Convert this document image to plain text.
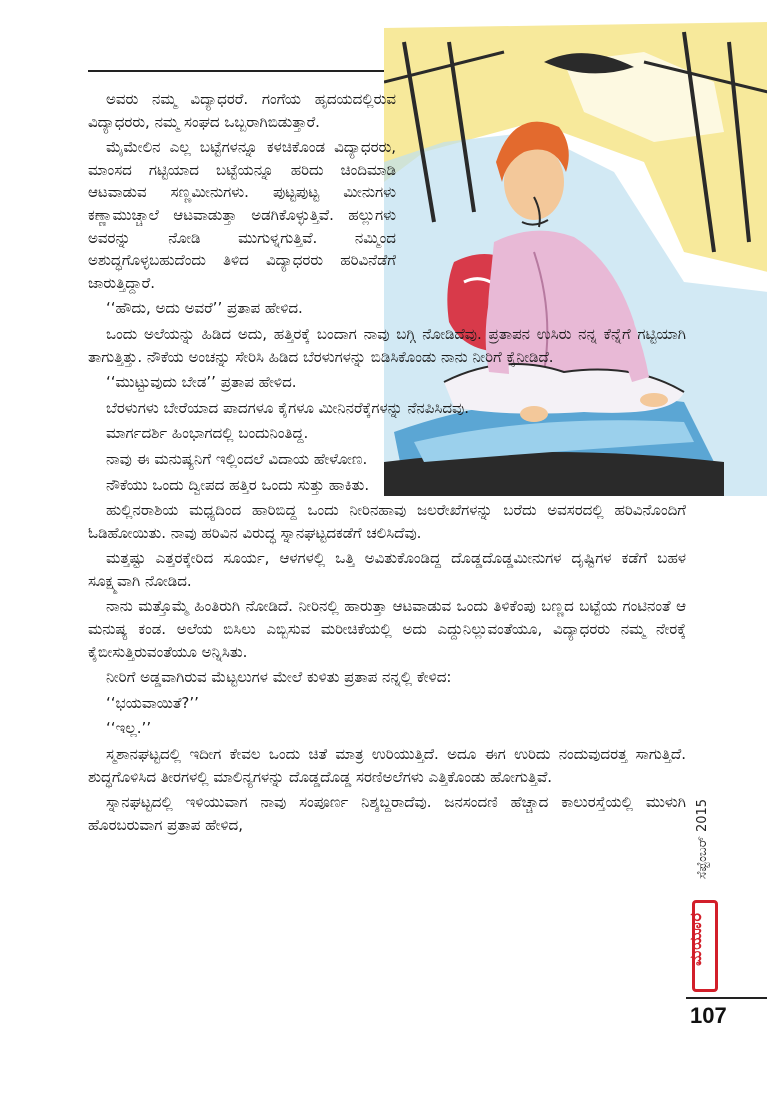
ಅವರು ನಮ್ಮ ವಿದ್ಯಾಧರರೆ. ಗಂಗೆಯ ಹೃದಯದಲ್ಲಿರುವ ವಿದ್ಯಾಧರರು, ನಮ್ಮ ಸಂಘದ ಒಬ್ಬರಾಗಿಬಿಡುತ್ತಾರೆ.

ಮೈಮೇಲಿನ ಎಲ್ಲ ಬಟ್ಟೆಗಳನ್ನೂ ಕಳಚಿಕೊಂಡ ವಿದ್ಯಾಧರರು, ಮಾಂಸದ ಗಟ್ಟಿಯಾದ ಬಟ್ಟೆಯನ್ನೂ ಹರಿದು ಚಿಂದಿಮಾಡಿ ಆಟವಾಡುವ ಸಣ್ಣಮೀನುಗಳು. ಪುಟ್ಟಪುಟ್ಟ ಮೀನುಗಳು ಕಣ್ಣಾಮುಚ್ಚಾಲೆ ಆಟವಾಡುತ್ತಾ ಅಡಗಿಕೊಳ್ಳುತ್ತಿವೆ. ಹಲ್ಲುಗಳು ಅವರನ್ನು ನೋಡಿ ಮುಗುಳ್ನಗುತ್ತಿವೆ. ನಮ್ಮಿಂದ ಅಶುದ್ಧಗೊಳ್ಳಬಹುದೆಂದು ತಿಳಿದ ವಿದ್ಯಾಧರರು ಹರಿವಿನೆಡೆಗೆ ಜಾರುತ್ತಿದ್ದಾರೆ.

‘‘ಹೌದು, ಅದು ಅವರೆ’’ ಪ್ರತಾಪ ಹೇಳಿದ.

ಒಂದು ಅಲೆಯನ್ನು ಹಿಡಿದ ಅದು, ಹತ್ತಿರಕ್ಕೆ ಬಂದಾಗ ನಾವು ಬಗ್ಗಿ ನೋಡಿದೆವು. ಪ್ರತಾಪನ ಉಸಿರು ನನ್ನ ಕೆನ್ನೆಗೆ ಗಟ್ಟಿಯಾಗಿ ತಾಗುತ್ತಿತ್ತು. ನೌಕೆಯ ಅಂಚನ್ನು ಸೇರಿಸಿ ಹಿಡಿದ ಬೆರಳುಗಳನ್ನು ಬಿಡಿಸಿಕೊಂಡು ನಾನು ನೀರಿಗೆ ಕೈನೀಡಿದೆ.

‘‘ಮುಟ್ಟುವುದು ಬೇಡ’’ ಪ್ರತಾಪ ಹೇಳಿದ.

ಬೆರಳುಗಳು ಬೇರೆಯಾದ ಪಾದಗಳೂ ಕೈಗಳೂ ಮೀನಿನರೆಕ್ಕೆಗಳನ್ನು ನೆನಪಿಸಿದವು.

ಮಾರ್ಗದರ್ಶಿ ಹಿಂಭಾಗದಲ್ಲಿ ಬಂದುನಿಂತಿದ್ದ.

ನಾವು ಈ ಮನುಷ್ಯನಿಗೆ ಇಲ್ಲಿಂದಲೆ ವಿದಾಯ ಹೇಳೋಣ.

ನೌಕೆಯು ಒಂದು ದ್ವೀಪದ ಹತ್ತಿರ ಒಂದು ಸುತ್ತು ಹಾಕಿತು.

ಹುಲ್ಲಿನರಾಶಿಯ ಮಧ್ಯದಿಂದ ಹಾರಿಬಿದ್ದ ಒಂದು ನೀರಿನಹಾವು ಜಲರೇಖೆಗಳನ್ನು ಬರೆದು ಅವಸರದಲ್ಲಿ ಹರಿವಿನೊಂದಿಗೆ ಓಡಿಹೋಯಿತು. ನಾವು ಹರಿವಿನ ವಿರುದ್ಧ ಸ್ನಾನಘಟ್ಟದಕಡೆಗೆ ಚಲಿಸಿದೆವು.

ಮತ್ತಷ್ಟು ಎತ್ತರಕ್ಕೇರಿದ ಸೂರ್ಯ, ಆಳಗಳಲ್ಲಿ ಒತ್ತಿ ಅವಿತುಕೊಂಡಿದ್ದ ದೊಡ್ಡದೊಡ್ಡಮೀನುಗಳ ದೃಷ್ಟಿಗಳ ಕಡೆಗೆ ಬಹಳ ಸೂಕ್ಷ್ಮವಾಗಿ ನೋಡಿದ.

ನಾನು ಮತ್ತೊಮ್ಮೆ ಹಿಂತಿರುಗಿ ನೋಡಿದೆ. ನೀರಿನಲ್ಲಿ ಹಾರುತ್ತಾ ಆಟವಾಡುವ ಒಂದು ತಿಳಿಕೆಂಪು ಬಣ್ಣದ ಬಟ್ಟೆಯ ಗಂಟಿನಂತೆ ಆ ಮನುಷ್ಯ ಕಂಡ. ಅಲೆಯ ಬಿಸಿಲು ಎಬ್ಬಿಸುವ ಮರೀಚಿಕೆಯಲ್ಲಿ ಅದು ಎದ್ದುನಿಲ್ಲುವಂತೆಯೂ, ವಿದ್ಯಾಧರರು ನಮ್ಮ ನೇರಕ್ಕೆ ಕೈಬೀಸುತ್ತಿರುವಂತೆಯೂ ಅನ್ನಿಸಿತು.

ನೀರಿಗೆ ಅಡ್ಡವಾಗಿರುವ ಮೆಟ್ಟಲುಗಳ ಮೇಲೆ ಕುಳಿತು ಪ್ರತಾಪ ನನ್ನಲ್ಲಿ ಕೇಳಿದ:

‘‘ಭಯವಾಯಿತೆ?’’

‘‘ಇಲ್ಲ.’’

ಸ್ಮಶಾನಘಟ್ಟದಲ್ಲಿ ಇದೀಗ ಕೇವಲ ಒಂದು ಚಿತೆ ಮಾತ್ರ ಉರಿಯುತ್ತಿದೆ. ಅದೂ ಈಗ ಉರಿದು ನಂದುವುದರತ್ತ ಸಾಗುತ್ತಿದೆ. ಶುದ್ಧಗೊಳಿಸಿದ ತೀರಗಳಲ್ಲಿ ಮಾಲಿನ್ಯಗಳನ್ನು ದೊಡ್ಡದೊಡ್ಡ ಸರಣಿಅಲೆಗಳು ಎತ್ತಿಕೊಂಡು ಹೋಗುತ್ತಿವೆ.

ಸ್ನಾನಘಟ್ಟದಲ್ಲಿ ಇಳಿಯುವಾಗ ನಾವು ಸಂಪೂರ್ಣ ನಿಶ್ಶಬ್ದರಾದೆವು. ಜನಸಂದಣಿ ಹೆಚ್ಚಾದ ಕಾಲುರಸ್ತೆಯಲ್ಲಿ ಮುಳುಗಿ ಹೊರಬರುವಾಗ ಪ್ರತಾಪ ಹೇಳಿದ,	ಸೆಪ್ಟೆಂಬರ್ 2015
ಮಯೂರ
107
